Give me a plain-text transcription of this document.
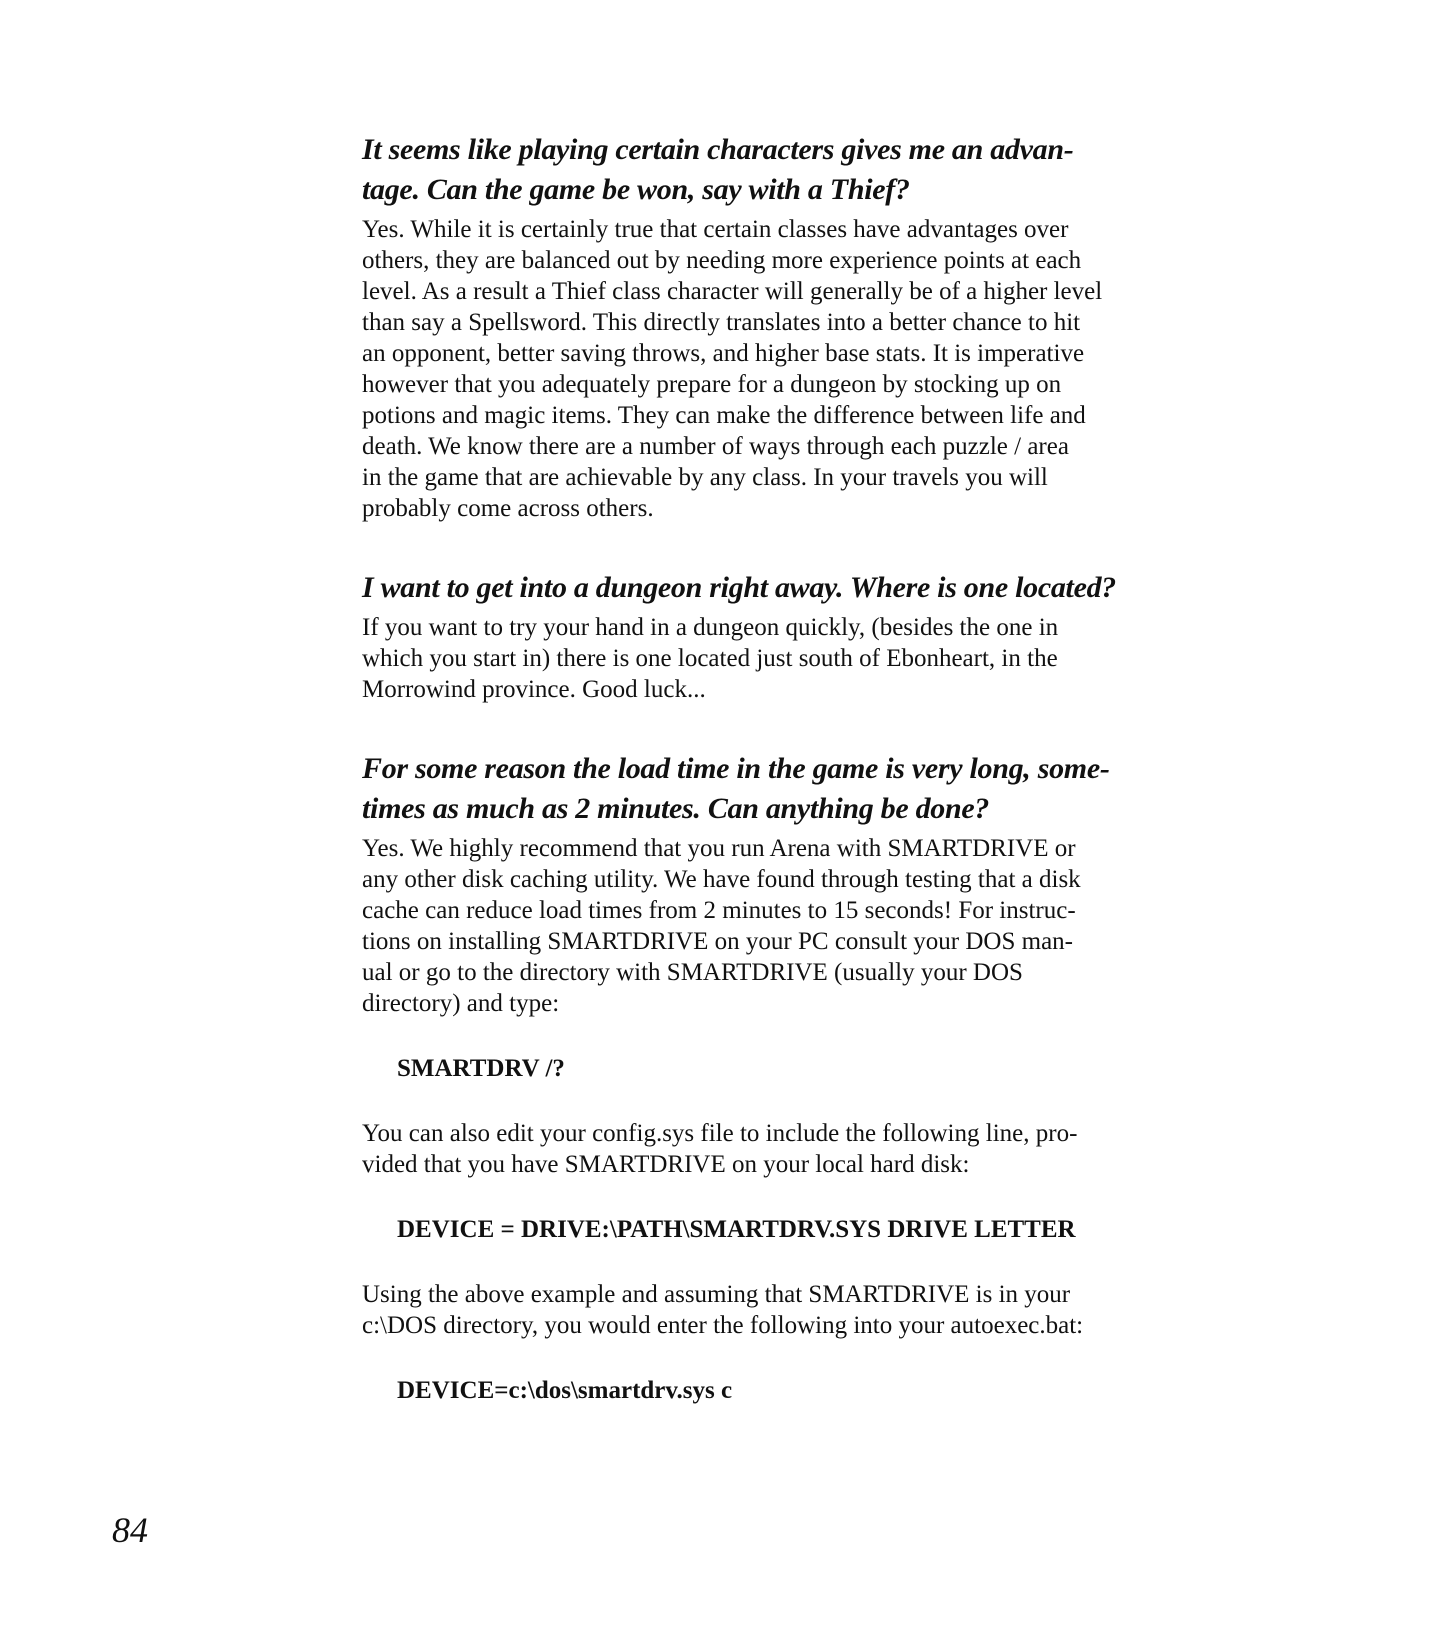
It seems like playing certain characters gives me an advan-
tage. Can the game be won, say with a Thief?
Yes. While it is certainly true that certain classes have advantages over
others, they are balanced out by needing more experience points at each
level. As a result a Thief class character will generally be of a higher level
than say a Spellsword. This directly translates into a better chance to hit
an opponent, better saving throws, and higher base stats. It is imperative
however that you adequately prepare for a dungeon by stocking up on
potions and magic items. They can make the difference between life and
death. We know there are a number of ways through each puzzle / area
in the game that are achievable by any class. In your travels you will
probably come across others.
I want to get into a dungeon right away. Where is one located?
If you want to try your hand in a dungeon quickly, (besides the one in
which you start in) there is one located just south of Ebonheart, in the
Morrowind province. Good luck...
For some reason the load time in the game is very long, some-
times as much as 2 minutes. Can anything be done?
Yes. We highly recommend that you run Arena with SMARTDRIVE or
any other disk caching utility. We have found through testing that a disk
cache can reduce load times from 2 minutes to 15 seconds! For instruc-
tions on installing SMARTDRIVE on your PC consult your DOS man-
ual or go to the directory with SMARTDRIVE (usually your DOS
directory) and type:

SMARTDRV /?

You can also edit your config.sys file to include the following line, pro-
vided that you have SMARTDRIVE on your local hard disk:

DEVICE = DRIVE:\PATH\SMARTDRV.SYS DRIVE LETTER

Using the above example and assuming that SMARTDRIVE is in your
c:\DOS directory, you would enter the following into your autoexec.bat:

DEVICE=c:\dos\smartdrv.sys c

84
